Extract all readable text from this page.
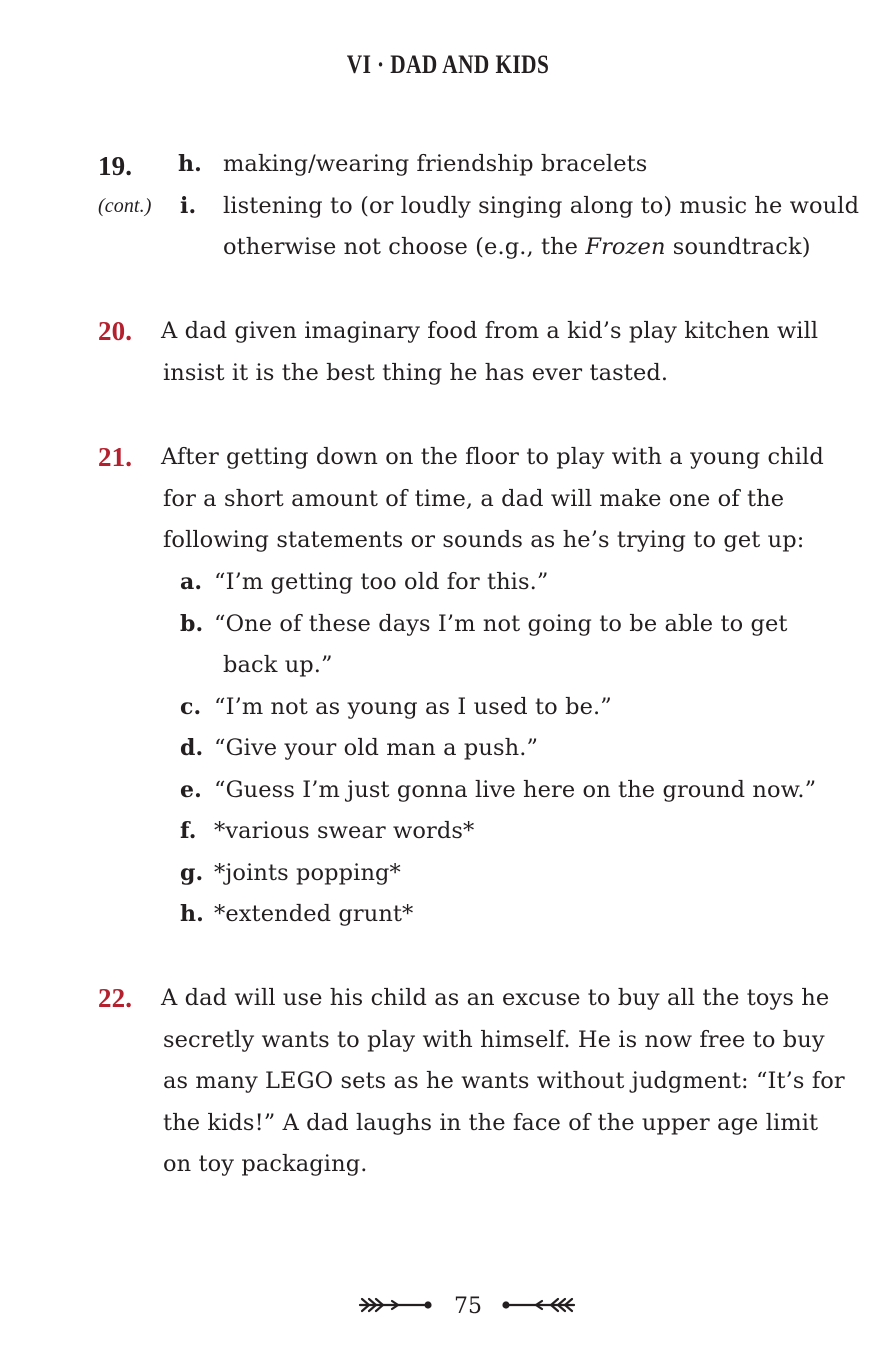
VI · DAD AND KIDS
19.
(cont.)
h. making/wearing friendship bracelets
i. listening to (or loudly singing along to) music he would
otherwise not choose (e.g., the Frozen soundtrack)
20. A dad given imaginary food from a kid’s play kitchen will
insist it is the best thing he has ever tasted.
21. After getting down on the floor to play with a young child
for a short amount of time, a dad will make one of the
following statements or sounds as he’s trying to get up:
a. “I’m getting too old for this.”
b. “One of these days I’m not going to be able to get
back up.”
c. “I’m not as young as I used to be.”
d. “Give your old man a push.”
e. “Guess I’m just gonna live here on the ground now.”
f. *various swear words*
g. *joints popping*
h. *extended grunt*
22. A dad will use his child as an excuse to buy all the toys he
secretly wants to play with himself. He is now free to buy
as many LEGO sets as he wants without judgment: “It’s for
the kids!” A dad laughs in the face of the upper age limit
on toy packaging.
75
